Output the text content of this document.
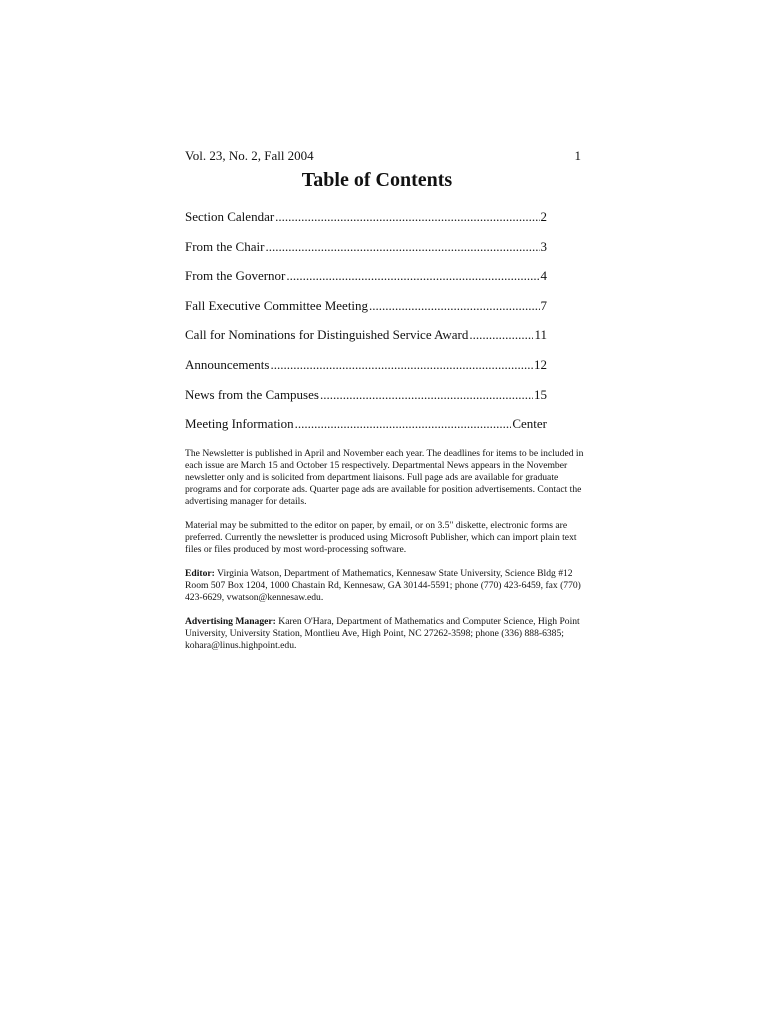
Vol. 23, No. 2, Fall 2004	1
Table of Contents
Section Calendar .....	2
From the Chair .....	3
From the Governor .....	4
Fall Executive Committee Meeting .....	7
Call for Nominations for Distinguished Service Award .....	11
Announcements .....	12
News from the Campuses .....	15
Meeting Information .....	Center

The Newsletter is published in April and November each year. The deadlines for items to be included in each issue are March 15 and October 15 respectively. Departmental News appears in the November newsletter only and is solicited from department liaisons. Full page ads are available for graduate programs and for corporate ads. Quarter page ads are available for position advertisements. Contact the advertising manager for details.

Material may be submitted to the editor on paper, by email, or on 3.5" diskette, electronic forms are preferred. Currently the newsletter is produced using Microsoft Publisher, which can import plain text files or files produced by most word-processing software.

Editor: Virginia Watson, Department of Mathematics, Kennesaw State University, Science Bldg #12 Room 507 Box 1204, 1000 Chastain Rd, Kennesaw, GA 30144-5591; phone (770) 423-6459, fax (770) 423-6629, vwatson@kennesaw.edu.

Advertising Manager: Karen O'Hara, Department of Mathematics and Computer Science, High Point University, University Station, Montlieu Ave, High Point, NC 27262-3598; phone (336) 888-6385; kohara@linus.highpoint.edu.
